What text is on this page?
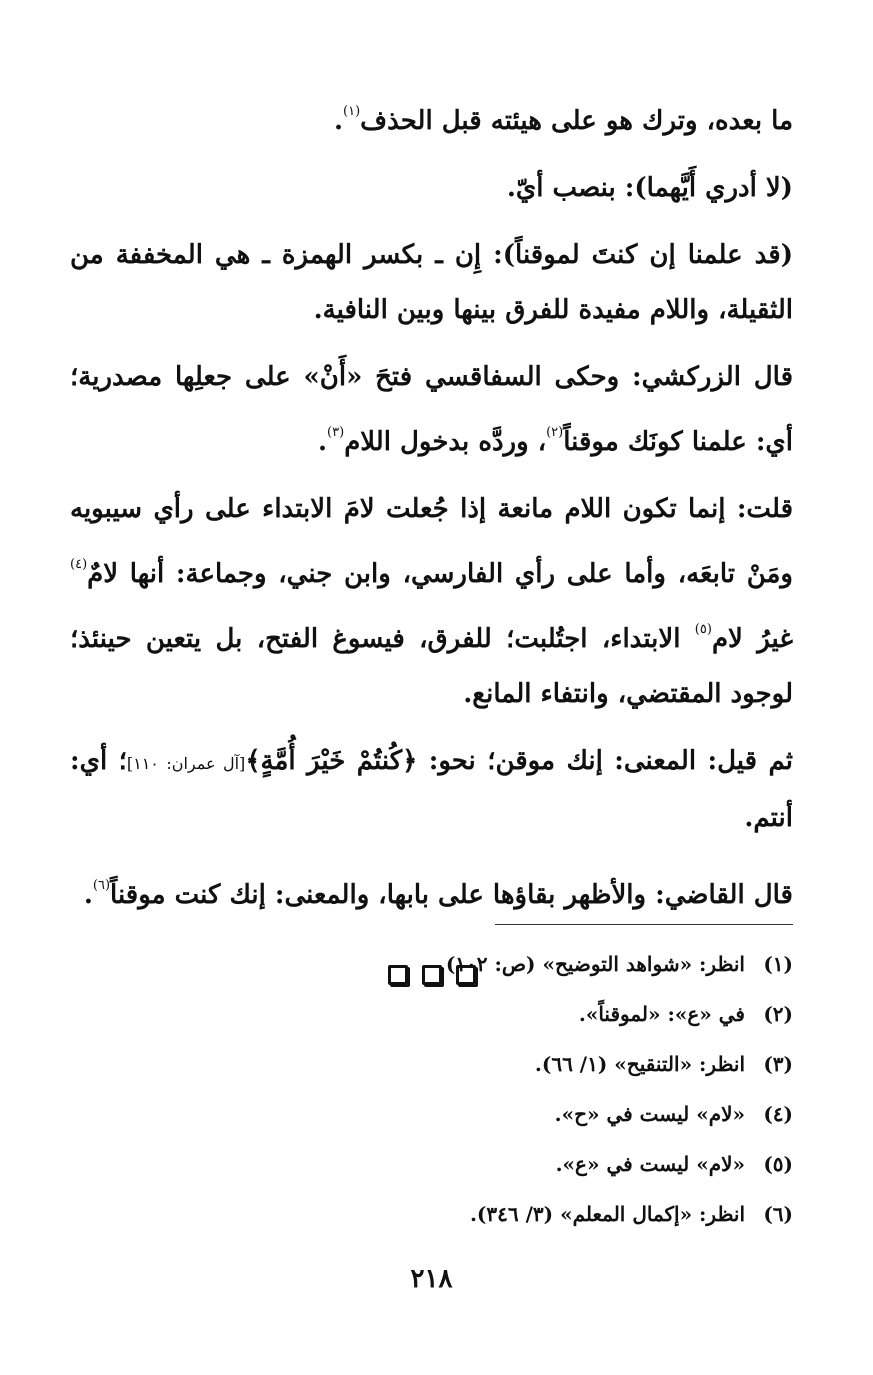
ما بعده، وترك هو على هيئته قبل الحذف$^{(١)}$.

(لا أدري أَيَّهما): بنصب أيّ.

(قد علمنا إن كنتَ لموقناً): إِن ـ بكسر الهمزة ـ هي المخففة من الثقيلة، واللام مفيدة للفرق بينها وبين النافية.

قال الزركشي: وحكى السفاقسي فتحَ «أَنْ» على جعلِها مصدرية؛ أي: علمنا كونَك موقناً$^{(٢)}$، وردَّه بدخول اللام$^{(٣)}$.

قلت: إنما تكون اللام مانعة إذا جُعلت لامَ الابتداء على رأي سيبويه ومَنْ تابعَه، وأما على رأي الفارسي، وابن جني، وجماعة: أنها لامٌ$^{(٤)}$ غيرُ لام$^{(٥)}$ الابتداء، اجتُلبت؛ للفرق، فيسوغ الفتح، بل يتعين حينئذ؛ لوجود المقتضي، وانتفاء المانع.

ثم قيل: المعنى: إنك موقن؛ نحو: ﴿كُنتُمْ خَيْرَ أُمَّةٍ﴾[آل عمران: ١١٠]؛ أي: أنتم.

قال القاضي: والأظهر بقاؤها على بابها، والمعنى: إنك كنت موقناً$^{(٦)}$.

(١)انظر: «شواهد التوضيح» (ص: ١٠٢).
(٢)في «ع»: «لموقناً».
(٣)انظر: «التنقيح» (١/ ٦٦).
(٤)«لام» ليست في «ح».
(٥)«لام» ليست في «ع».
(٦)انظر: «إكمال المعلم» (٣/ ٣٤٦).
٢١٨
